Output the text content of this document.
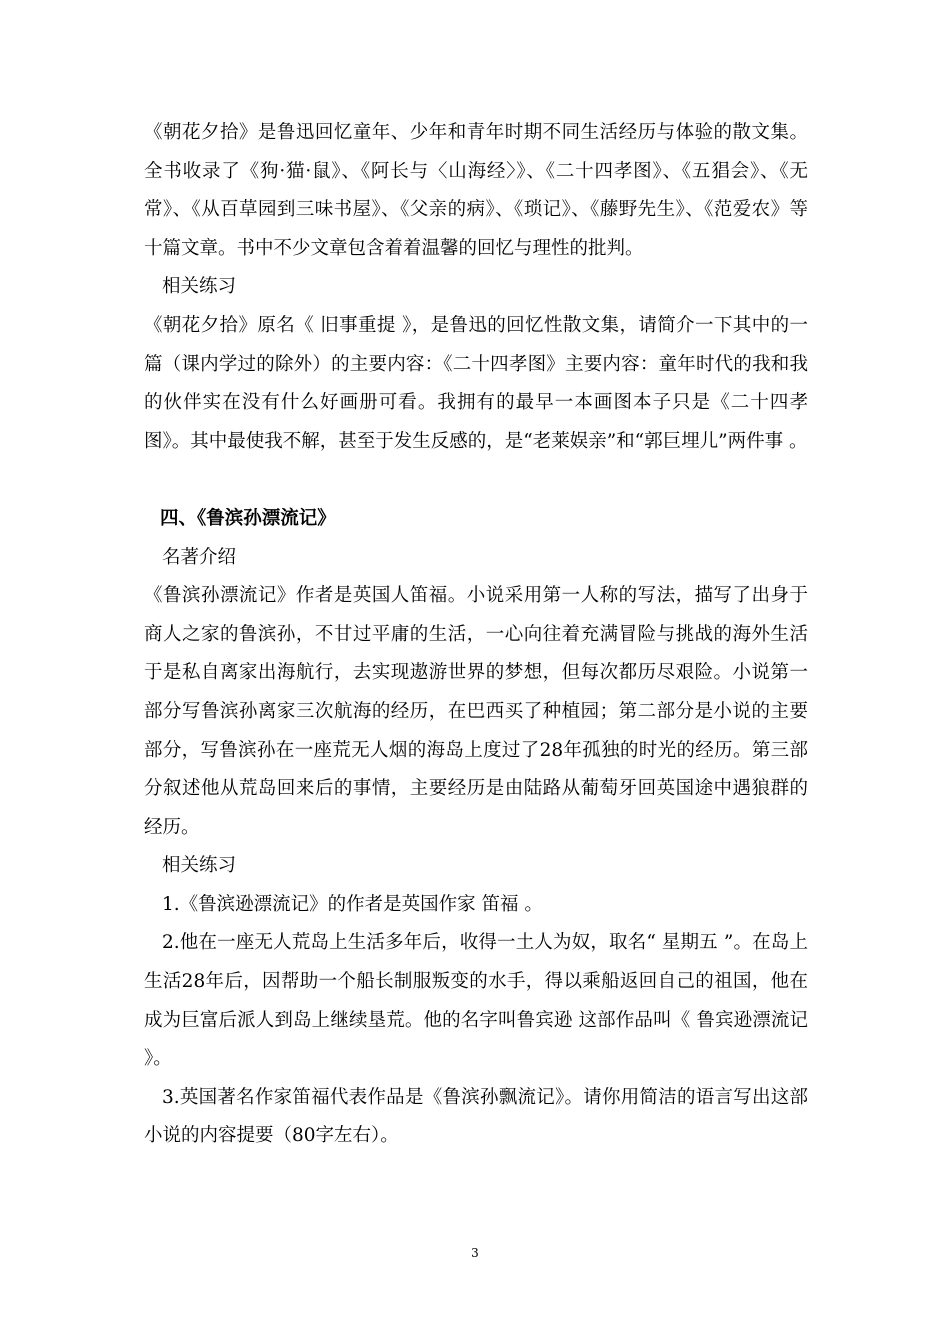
《朝花夕拾》是鲁迅回忆童年、少年和青年时期不同生活经历与体验的散文集。全书收录了《狗·猫·鼠》、《阿长与〈山海经〉》、《二十四孝图》、《五猖会》、《无常》、《从百草园到三味书屋》、《父亲的病》、《琐记》、《藤野先生》、《范爱农》等十篇文章。书中不少文章包含着着温馨的回忆与理性的批判。

相关练习

《朝花夕拾》原名《 旧事重提 》，是鲁迅的回忆性散文集，请简介一下其中的一篇（课内学过的除外）的主要内容：《二十四孝图》主要内容：童年时代的我和我的伙伴实在没有什么好画册可看。我拥有的最早一本画图本子只是《二十四孝图》。其中最使我不解，甚至于发生反感的，是“老莱娱亲”和“郭巨埋儿”两件事 。

四、《鲁滨孙漂流记》

名著介绍

《鲁滨孙漂流记》作者是英国人笛福。小说采用第一人称的写法，描写了出身于商人之家的鲁滨孙，不甘过平庸的生活，一心向往着充满冒险与挑战的海外生活于是私自离家出海航行，去实现遨游世界的梦想，但每次都历尽艰险。小说第一部分写鲁滨孙离家三次航海的经历，在巴西买了种植园；第二部分是小说的主要部分，写鲁滨孙在一座荒无人烟的海岛上度过了28年孤独的时光的经历。第三部分叙述他从荒岛回来后的事情，主要经历是由陆路从葡萄牙回英国途中遇狼群的经历。

相关练习

1.《鲁滨逊漂流记》的作者是英国作家 笛福 。

2.他在一座无人荒岛上生活多年后，收得一土人为奴，取名“ 星期五 ”。在岛上生活28年后，因帮助一个船长制服叛变的水手，得以乘船返回自己的祖国，他在成为巨富后派人到岛上继续垦荒。他的名字叫鲁宾逊 这部作品叫《 鲁宾逊漂流记 》。

3.英国著名作家笛福代表作品是《鲁滨孙飘流记》。请你用简洁的语言写出这部小说的内容提要（80字左右）。

3
